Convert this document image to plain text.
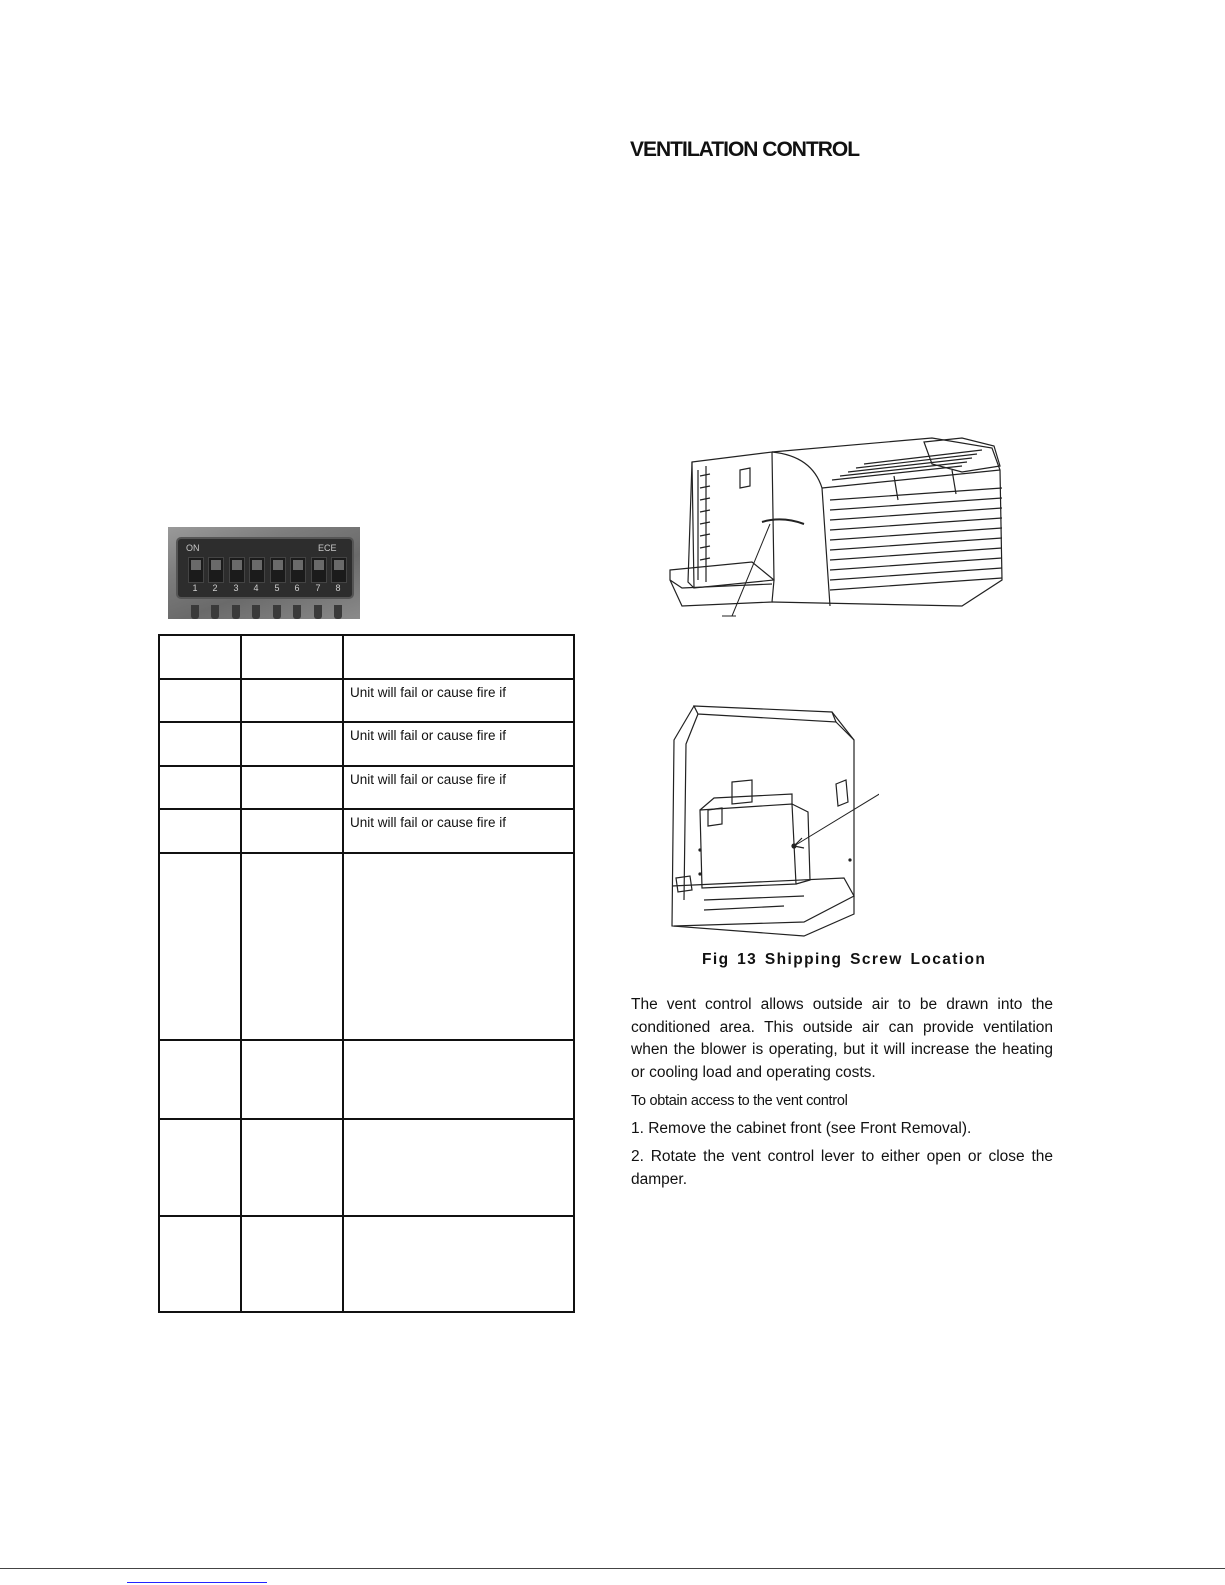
ON	ECE
1	2	3	4	5	6	7	8

		Unit will fail or cause fire if

		Unit will fail or cause fire if

		Unit will fail or cause fire if

		Unit will fail or cause fire if

VENTILATION CONTROL

Fig 13 Shipping Screw Location

The vent control allows outside air to be drawn into the conditioned area. This outside air can provide ventilation when the blower is operating, but it will increase the heating or cooling load and operating costs.

To obtain access to the vent control

1. Remove the cabinet front (see Front Removal).

2. Rotate the vent control lever to either open or close the damper.
